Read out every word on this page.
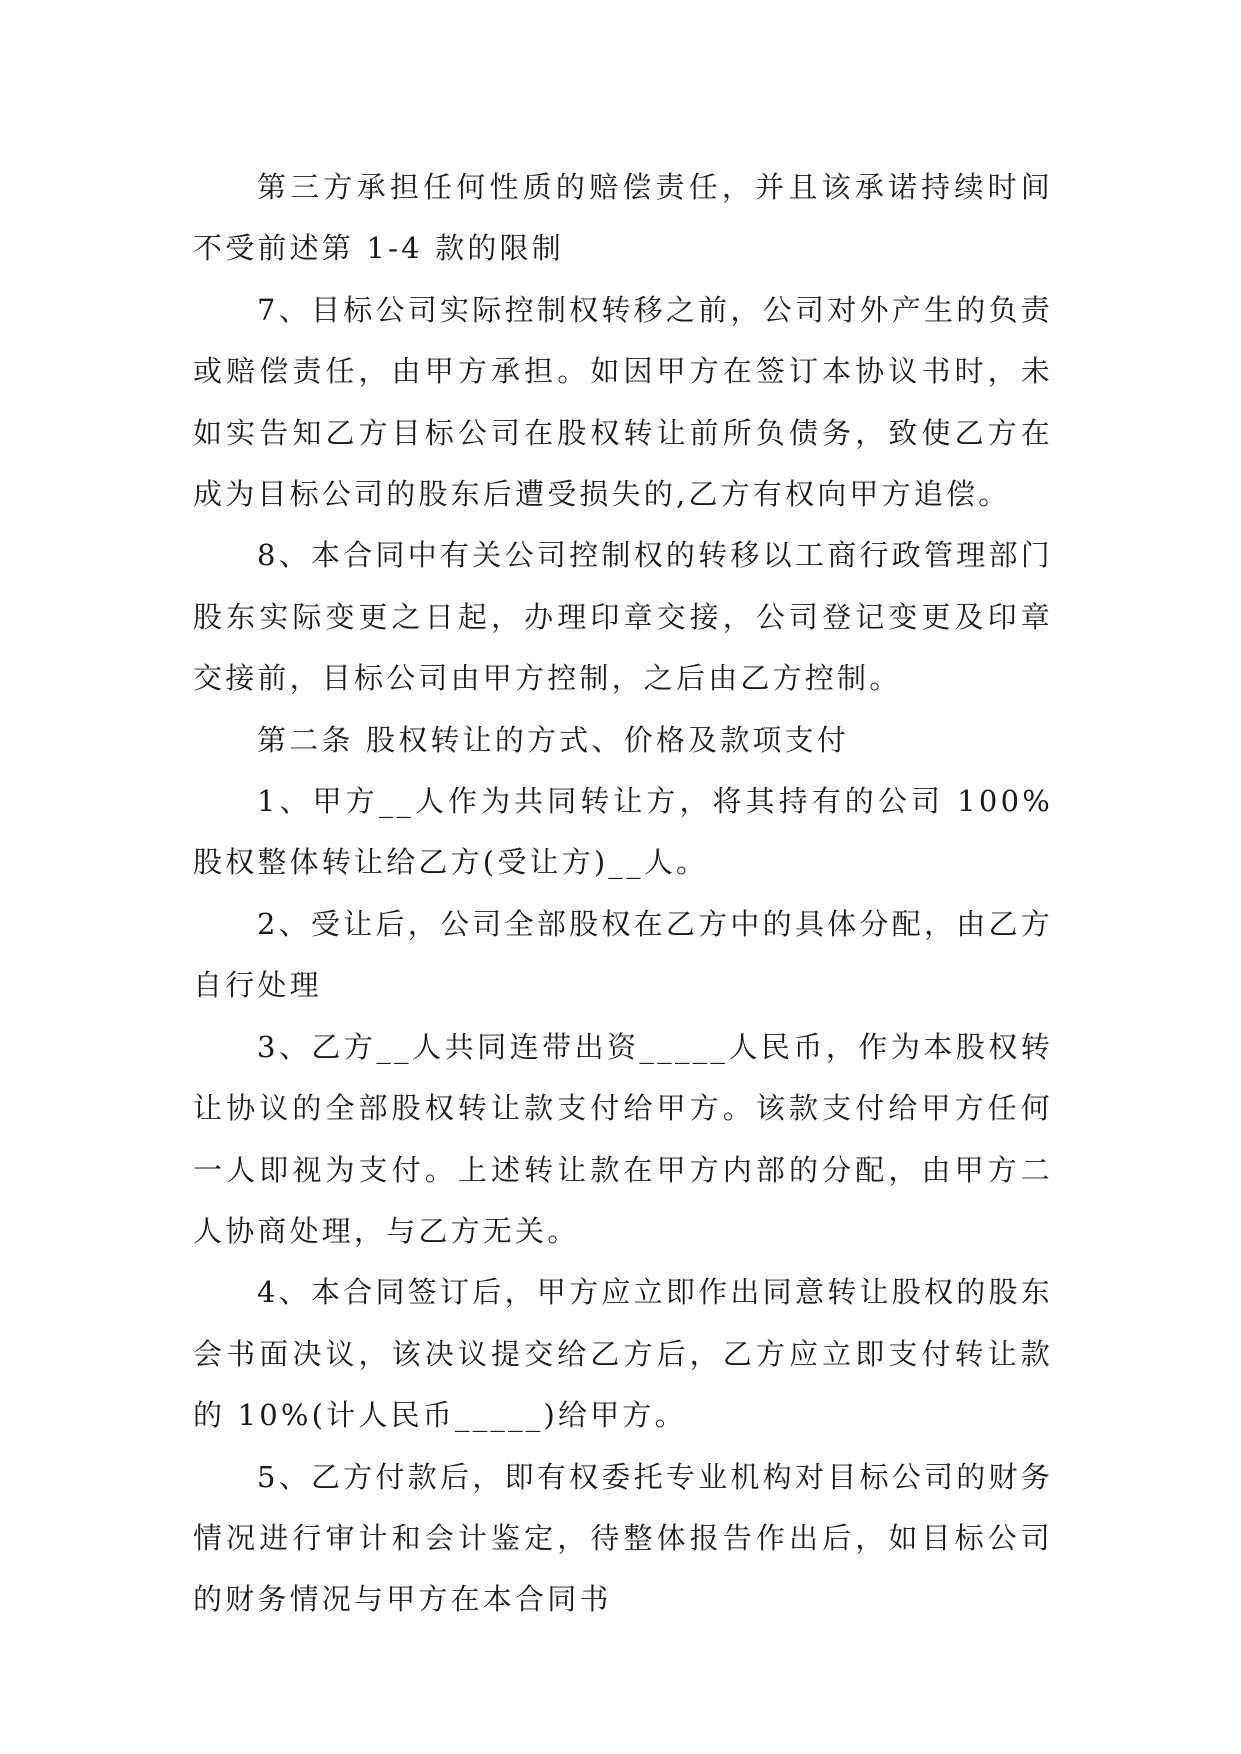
第三方承担任何性质的赔偿责任，并且该承诺持续时间不受前述第 1-4 款的限制

7、目标公司实际控制权转移之前，公司对外产生的负责或赔偿责任，由甲方承担。如因甲方在签订本协议书时，未如实告知乙方目标公司在股权转让前所负债务，致使乙方在成为目标公司的股东后遭受损失的,乙方有权向甲方追偿。

8、本合同中有关公司控制权的转移以工商行政管理部门股东实际变更之日起，办理印章交接，公司登记变更及印章交接前，目标公司由甲方控制，之后由乙方控制。

第二条 股权转让的方式、价格及款项支付

1、甲方__人作为共同转让方，将其持有的公司 100%股权整体转让给乙方(受让方)__人。

2、受让后，公司全部股权在乙方中的具体分配，由乙方自行处理

3、乙方__人共同连带出资_____人民币，作为本股权转让协议的全部股权转让款支付给甲方。该款支付给甲方任何一人即视为支付。上述转让款在甲方内部的分配，由甲方二人协商处理，与乙方无关。

4、本合同签订后，甲方应立即作出同意转让股权的股东会书面决议，该决议提交给乙方后，乙方应立即支付转让款的 10%(计人民币_____)给甲方。

5、乙方付款后，即有权委托专业机构对目标公司的财务情况进行审计和会计鉴定，待整体报告作出后，如目标公司的财务情况与甲方在本合同书
